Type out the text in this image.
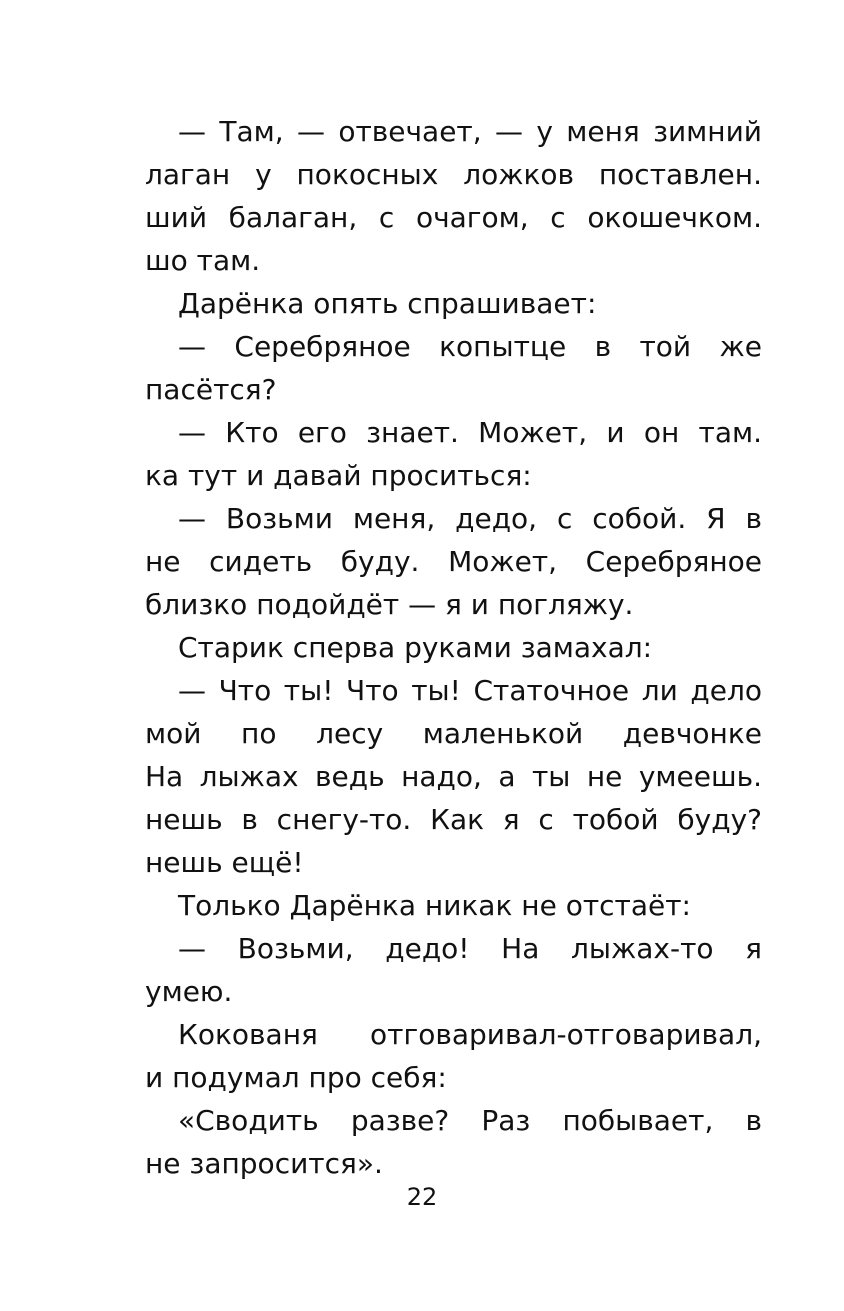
— Там, — отвечает, — у меня зимний
лаган у покосных ложков поставлен.
ший балаган, с очагом, с окошечком.
шо там.
Дарёнка опять спрашивает:
— Серебряное копытце в той же
пасётся?
— Кто его знает. Может, и он там.
ка тут и давай проситься:
— Возьми меня, дедо, с собой. Я в
не сидеть буду. Может, Серебряное
близко подойдёт — я и погляжу.
Старик сперва руками замахал:
— Что ты! Что ты! Статочное ли дело
мой по лесу маленькой девчонке
На лыжах ведь надо, а ты не умеешь.
нешь в снегу-то. Как я с тобой буду?
нешь ещё!
Только Дарёнка никак не отстаёт:
— Возьми, дедо! На лыжах-то я
умею.
Кокованя отговаривал-отговаривал,
и подумал про себя:
«Сводить разве? Раз побывает, в
не запросится».
22
